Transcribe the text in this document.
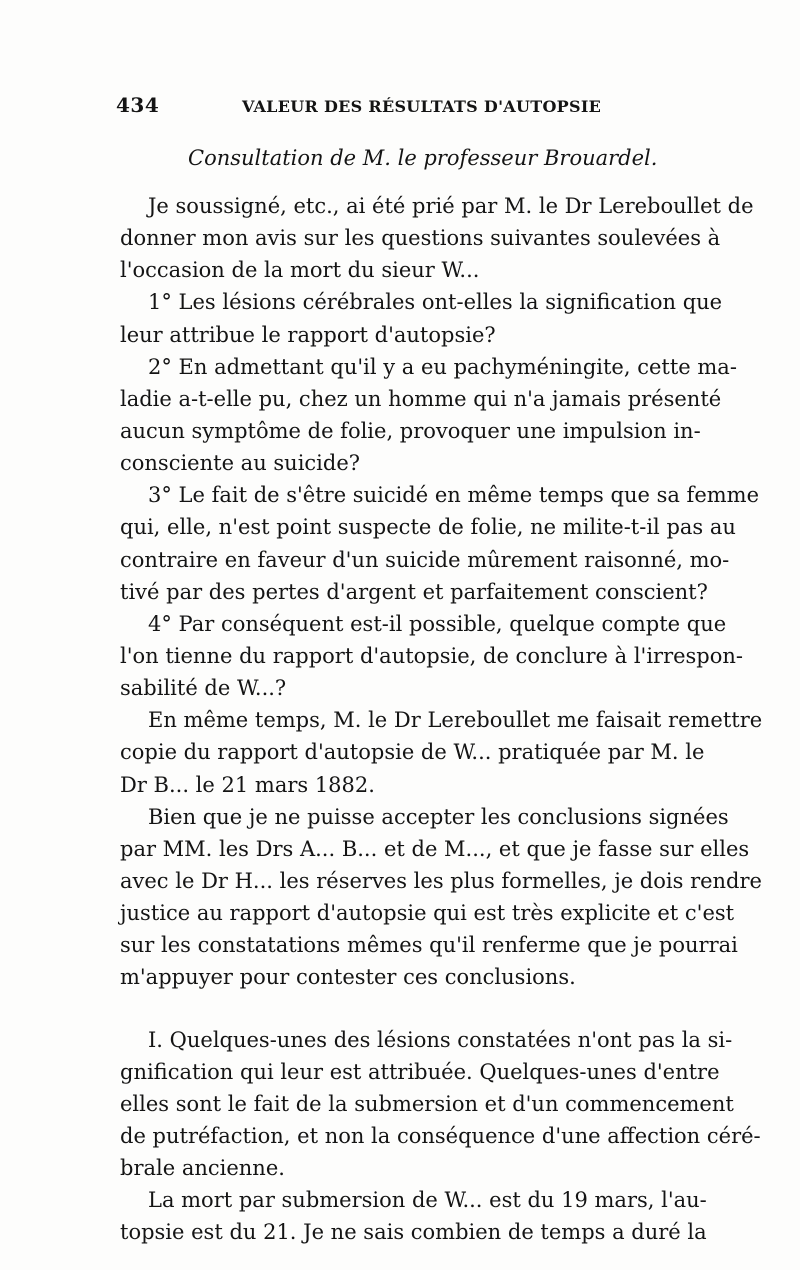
434	VALEUR DES RÉSULTATS D'AUTOPSIE
Consultation de M. le professeur Brouardel.
Je soussigné, etc., ai été prié par M. le Dr Lereboullet de
donner mon avis sur les questions suivantes soulevées à
l'occasion de la mort du sieur W...
1° Les lésions cérébrales ont-elles la signification que
leur attribue le rapport d'autopsie?
2° En admettant qu'il y a eu pachyméningite, cette ma-
ladie a-t-elle pu, chez un homme qui n'a jamais présenté
aucun symptôme de folie, provoquer une impulsion in-
consciente au suicide?
3° Le fait de s'être suicidé en même temps que sa femme
qui, elle, n'est point suspecte de folie, ne milite-t-il pas au
contraire en faveur d'un suicide mûrement raisonné, mo-
tivé par des pertes d'argent et parfaitement conscient?
4° Par conséquent est-il possible, quelque compte que
l'on tienne du rapport d'autopsie, de conclure à l'irrespon-
sabilité de W...?
En même temps, M. le Dr Lereboullet me faisait remettre
copie du rapport d'autopsie de W... pratiquée par M. le
Dr B... le 21 mars 1882.
Bien que je ne puisse accepter les conclusions signées
par MM. les Drs A... B... et de M..., et que je fasse sur elles
avec le Dr H... les réserves les plus formelles, je dois rendre
justice au rapport d'autopsie qui est très explicite et c'est
sur les constatations mêmes qu'il renferme que je pourrai
m'appuyer pour contester ces conclusions.
I. Quelques-unes des lésions constatées n'ont pas la si-
gnification qui leur est attribuée. Quelques-unes d'entre
elles sont le fait de la submersion et d'un commencement
de putréfaction, et non la conséquence d'une affection céré-
brale ancienne.
La mort par submersion de W... est du 19 mars, l'au-
topsie est du 21. Je ne sais combien de temps a duré la
